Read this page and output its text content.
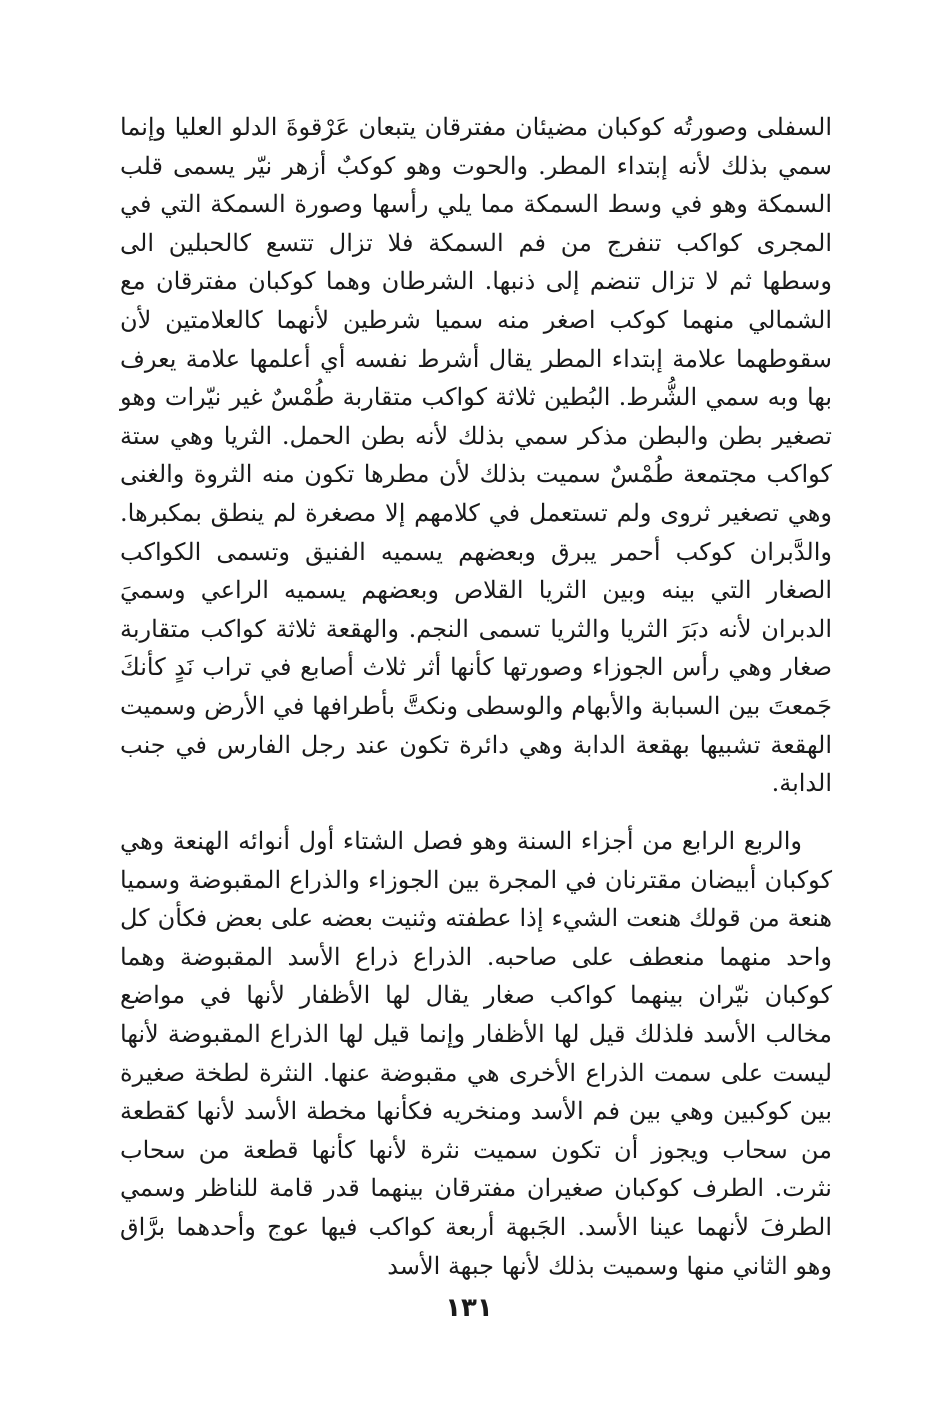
السفلى وصورتُه كوكبان مضيئان مفترقان يتبعان عَرْقوةَ الدلو العليا وإنما سمي بذلك لأنه إبتداء المطر. والحوت وهو كوكبٌ أزهر نيّر يسمى قلب السمكة وهو في وسط السمكة مما يلي رأسها وصورة السمكة التي في المجرى كواكب تنفرج من فم السمكة فلا تزال تتسع كالحبلين الى وسطها ثم لا تزال تنضم إلى ذنبها. الشرطان وهما كوكبان مفترقان مع الشمالي منهما كوكب اصغر منه سميا شرطين لأنهما كالعلامتين لأن سقوطهما علامة إبتداء المطر يقال أشرط نفسه أي أعلمها علامة يعرف بها وبه سمي الشُّرط. البُطين ثلاثة كواكب متقاربة طُمْسٌ غير نيّرات وهو تصغير بطن والبطن مذكر سمي بذلك لأنه بطن الحمل. الثريا وهي ستة كواكب مجتمعة طُمْسٌ سميت بذلك لأن مطرها تكون منه الثروة والغنى وهي تصغير ثروى ولم تستعمل في كلامهم إلا مصغرة لم ينطق بمكبرها. والدَّبران كوكب أحمر يبرق وبعضهم يسميه الفنيق وتسمى الكواكب الصغار التي بينه وبين الثريا القلاص وبعضهم يسميه الراعي وسميَ الدبران لأنه دبَرَ الثريا والثريا تسمى النجم. والهقعة ثلاثة كواكب متقاربة صغار وهي رأس الجوزاء وصورتها كأنها أثر ثلاث أصابع في تراب نَدٍ كأنكَ جَمعتَ بين السبابة والأبهام والوسطى ونكتَّ بأطرافها في الأرض وسميت الهقعة تشبيها بهقعة الدابة وهي دائرة تكون عند رجل الفارس في جنب الدابة.

والربع الرابع من أجزاء السنة وهو فصل الشتاء أول أنوائه الهنعة وهي كوكبان أبيضان مقترنان في المجرة بين الجوزاء والذراع المقبوضة وسميا هنعة من قولك هنعت الشيء إذا عطفته وثنيت بعضه على بعض فكأن كل واحد منهما منعطف على صاحبه. الذراع ذراع الأسد المقبوضة وهما كوكبان نيّران بينهما كواكب صغار يقال لها الأظفار لأنها في مواضع مخالب الأسد فلذلك قيل لها الأظفار وإنما قيل لها الذراع المقبوضة لأنها ليست على سمت الذراع الأخرى هي مقبوضة عنها. النثرة لطخة صغيرة بين كوكبين وهي بين فم الأسد ومنخريه فكأنها مخطة الأسد لأنها كقطعة من سحاب ويجوز أن تكون سميت نثرة لأنها كأنها قطعة من سحاب نثرت. الطرف كوكبان صغيران مفترقان بينهما قدر قامة للناظر وسمي الطرفَ لأنهما عينا الأسد. الجَبهة أربعة كواكب فيها عوج وأحدهما برَّاق وهو الثاني منها وسميت بذلك لأنها جبهة الأسد

١٣١
